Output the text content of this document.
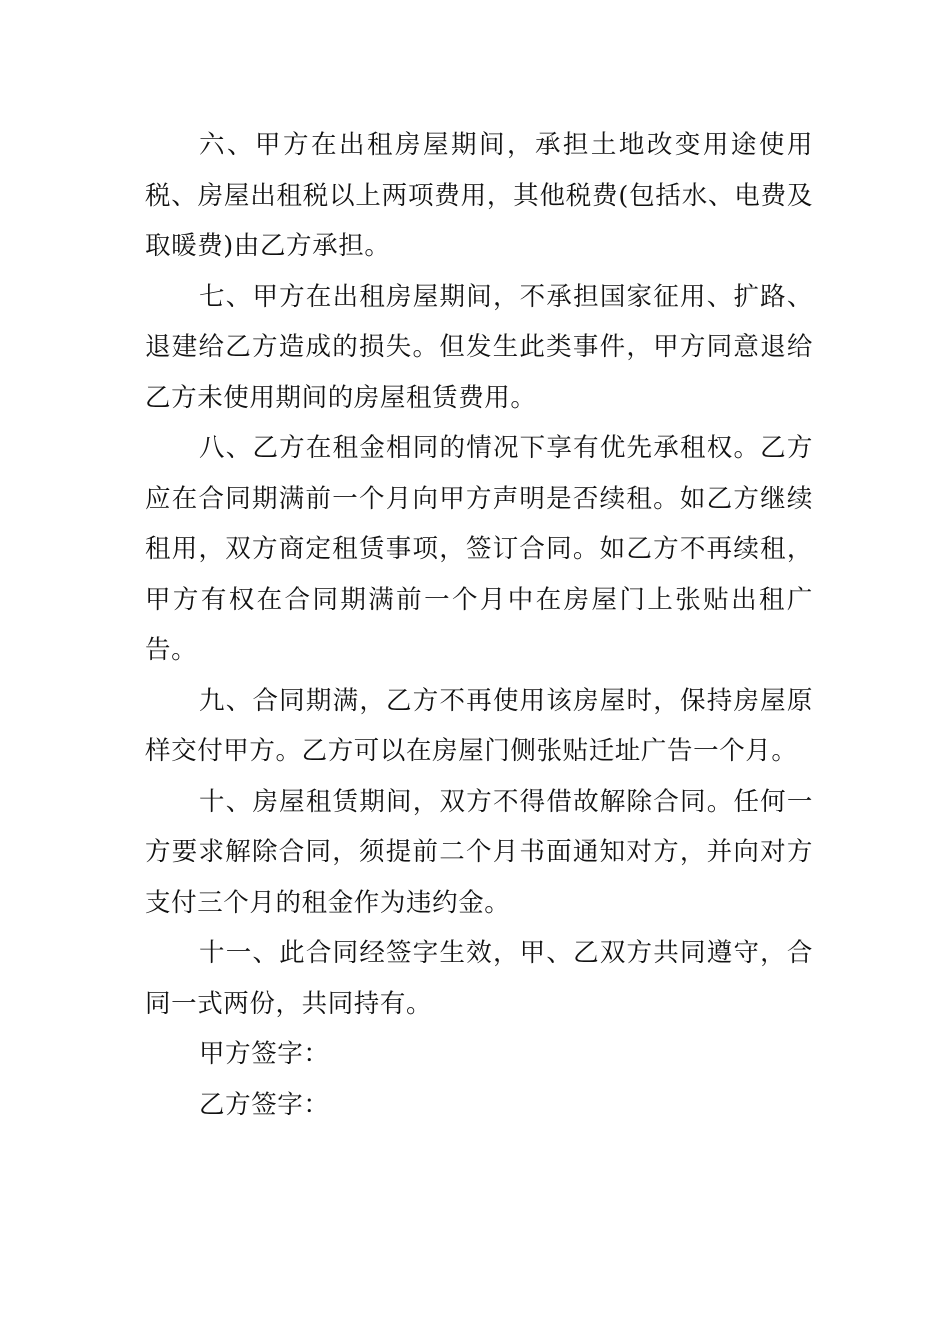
六、甲方在出租房屋期间，承担土地改变用途使用税、房屋出租税以上两项费用，其他税费(包括水、电费及取暖费)由乙方承担。

七、甲方在出租房屋期间，不承担国家征用、扩路、退建给乙方造成的损失。但发生此类事件，甲方同意退给乙方未使用期间的房屋租赁费用。

八、乙方在租金相同的情况下享有优先承租权。乙方应在合同期满前一个月向甲方声明是否续租。如乙方继续租用，双方商定租赁事项，签订合同。如乙方不再续租，甲方有权在合同期满前一个月中在房屋门上张贴出租广告。

九、合同期满，乙方不再使用该房屋时，保持房屋原样交付甲方。乙方可以在房屋门侧张贴迁址广告一个月。

十、房屋租赁期间，双方不得借故解除合同。任何一方要求解除合同，须提前二个月书面通知对方，并向对方支付三个月的租金作为违约金。

十一、此合同经签字生效，甲、乙双方共同遵守，合同一式两份，共同持有。

甲方签字：

乙方签字：
